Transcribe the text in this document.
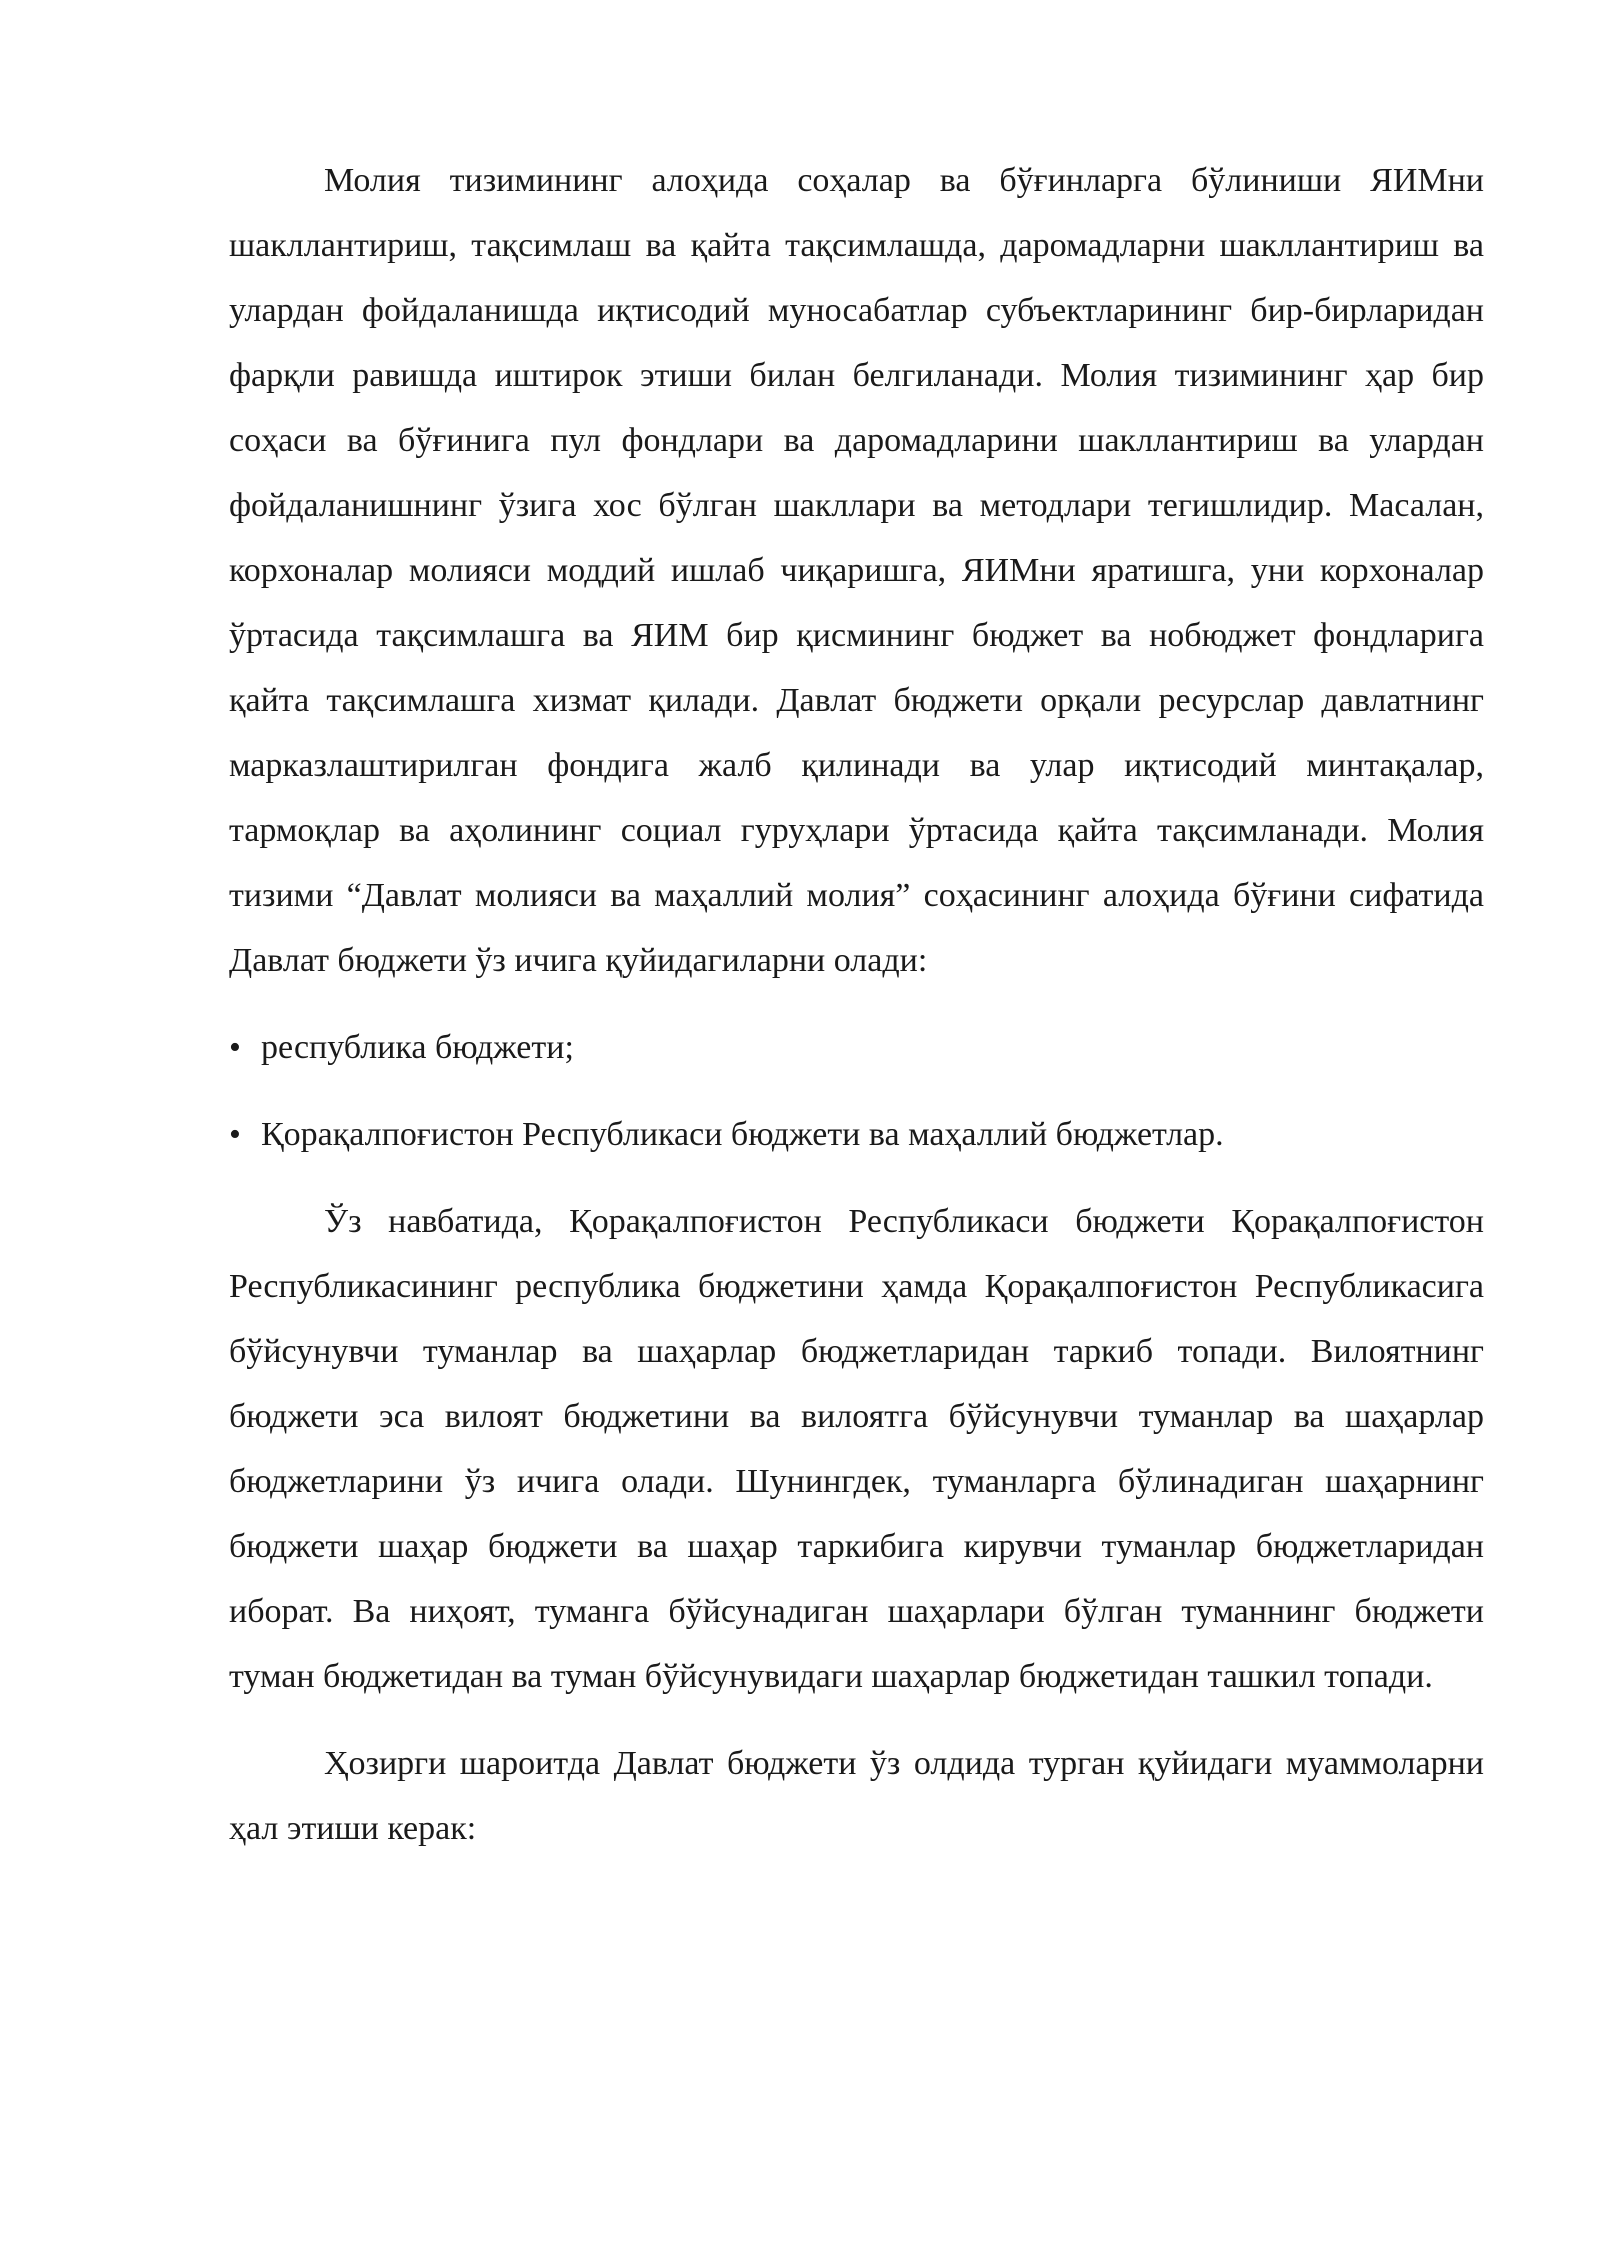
Молия тизимининг алоҳида соҳалар ва бўғинларга бўлиниши ЯИМни шакллантириш, тақсимлаш ва қайта тақсимлашда, даромадларни шакллантириш ва улардан фойдаланишда иқтисодий муносабатлар субъектларининг бир-бирларидан фарқли равишда иштирок этиши билан белгиланади. Молия тизимининг ҳар бир соҳаси ва бўғинига пул фондлари ва даромадларини шакллантириш ва улардан фойдаланишнинг ўзига хос бўлган шакллари ва методлари тегишлидир. Масалан, корхоналар молияси моддий ишлаб чиқаришга, ЯИМни яратишга, уни корхоналар ўртасида тақсимлашга ва ЯИМ бир қисмининг бюджет ва нобюджет фондларига қайта тақсимлашга хизмат қилади. Давлат бюджети орқали ресурслар давлатнинг марказлаштирилган фондига жалб қилинади ва улар иқтисодий минтақалар, тармоқлар ва аҳолининг социал гуруҳлари ўртасида қайта тақсимланади. Молия тизими “Давлат молияси ва маҳаллий молия” соҳасининг алоҳида бўғини сифатида Давлат бюджети ўз ичига қуйидагиларни олади:

• республика бюджети;
• Қорақалпоғистон Республикаси бюджети ва маҳаллий бюджетлар.

Ўз навбатида, Қорақалпоғистон Республикаси бюджети Қорақалпоғистон Республикасининг республика бюджетини ҳамда Қорақалпоғистон Республикасига бўйсунувчи туманлар ва шаҳарлар бюджетларидан таркиб топади. Вилоятнинг бюджети эса вилоят бюджетини ва вилоятга бўйсунувчи туманлар ва шаҳарлар бюджетларини ўз ичига олади. Шунингдек, туманларга бўлинадиган шаҳарнинг бюджети шаҳар бюджети ва шаҳар таркибига кирувчи туманлар бюджетларидан иборат. Ва ниҳоят, туманга бўйсунадиган шаҳарлари бўлган туманнинг бюджети туман бюджетидан ва туман бўйсунувидаги шаҳарлар бюджетидан ташкил топади.

Ҳозирги шароитда Давлат бюджети ўз олдида турган қуйидаги муаммоларни ҳал этиши керак:
